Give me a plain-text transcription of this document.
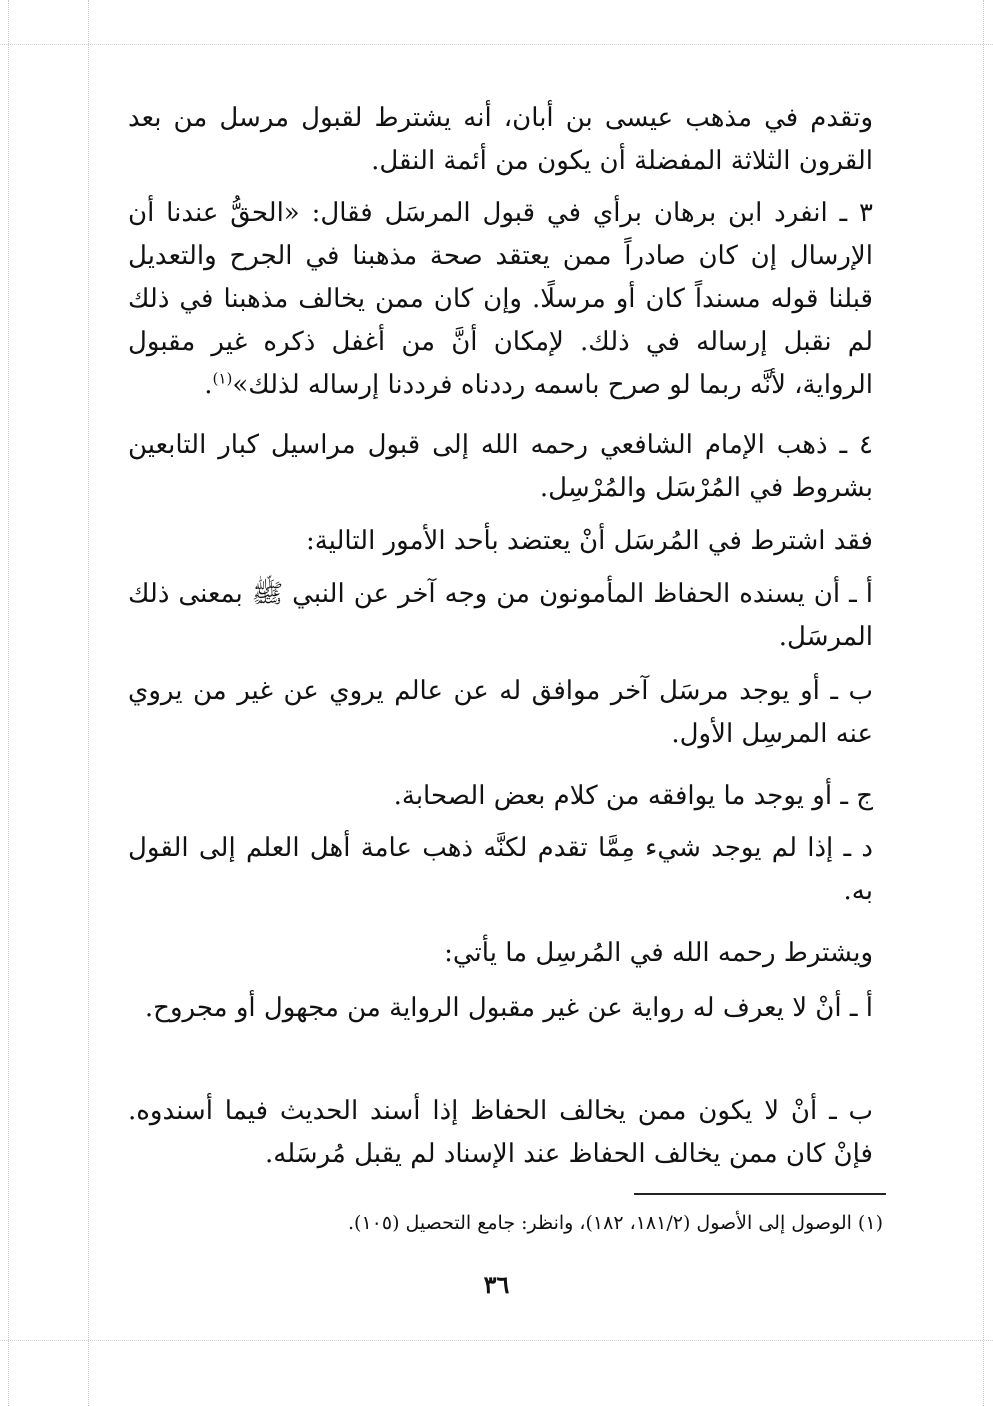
وتقدم في مذهب عيسى بن أبان، أنه يشترط لقبول مرسل من بعد القرون الثلاثة المفضلة أن يكون من أئمة النقل.

٣ ـ انفرد ابن برهان برأي في قبول المرسَل فقال: «الحقُّ عندنا أن الإرسال إن كان صادراً ممن يعتقد صحة مذهبنا في الجرح والتعديل قبلنا قوله مسنداً كان أو مرسلًا. وإن كان ممن يخالف مذهبنا في ذلك لم نقبل إرساله في ذلك. لإمكان أنَّ من أغفل ذكره غير مقبول الرواية، لأنَّه ربما لو صرح باسمه رددناه فرددنا إرساله لذلك»$^{(١)}$.

٤ ـ ذهب الإمام الشافعي رحمه الله إلى قبول مراسيل كبار التابعين بشروط في المُرْسَل والمُرْسِل.

فقد اشترط في المُرسَل أنْ يعتضد بأحد الأمور التالية:

أ ـ أن يسنده الحفاظ المأمونون من وجه آخر عن النبي ﷺ بمعنى ذلك المرسَل.

ب ـ أو يوجد مرسَل آخر موافق له عن عالم يروي عن غير من يروي عنه المرسِل الأول.

ج ـ أو يوجد ما يوافقه من كلام بعض الصحابة.

د ـ إذا لم يوجد شيء مِمَّا تقدم لكنَّه ذهب عامة أهل العلم إلى القول به.

ويشترط رحمه الله في المُرسِل ما يأتي:

أ ـ أنْ لا يعرف له رواية عن غير مقبول الرواية من مجهول أو مجروح.

ب ـ أنْ لا يكون ممن يخالف الحفاظ إذا أسند الحديث فيما أسندوه. فإنْ كان ممن يخالف الحفاظ عند الإسناد لم يقبل مُرسَله.

(١) الوصول إلى الأصول (١٨١/٢، ١٨٢)، وانظر: جامع التحصيل (١٠٥).

٣٦
